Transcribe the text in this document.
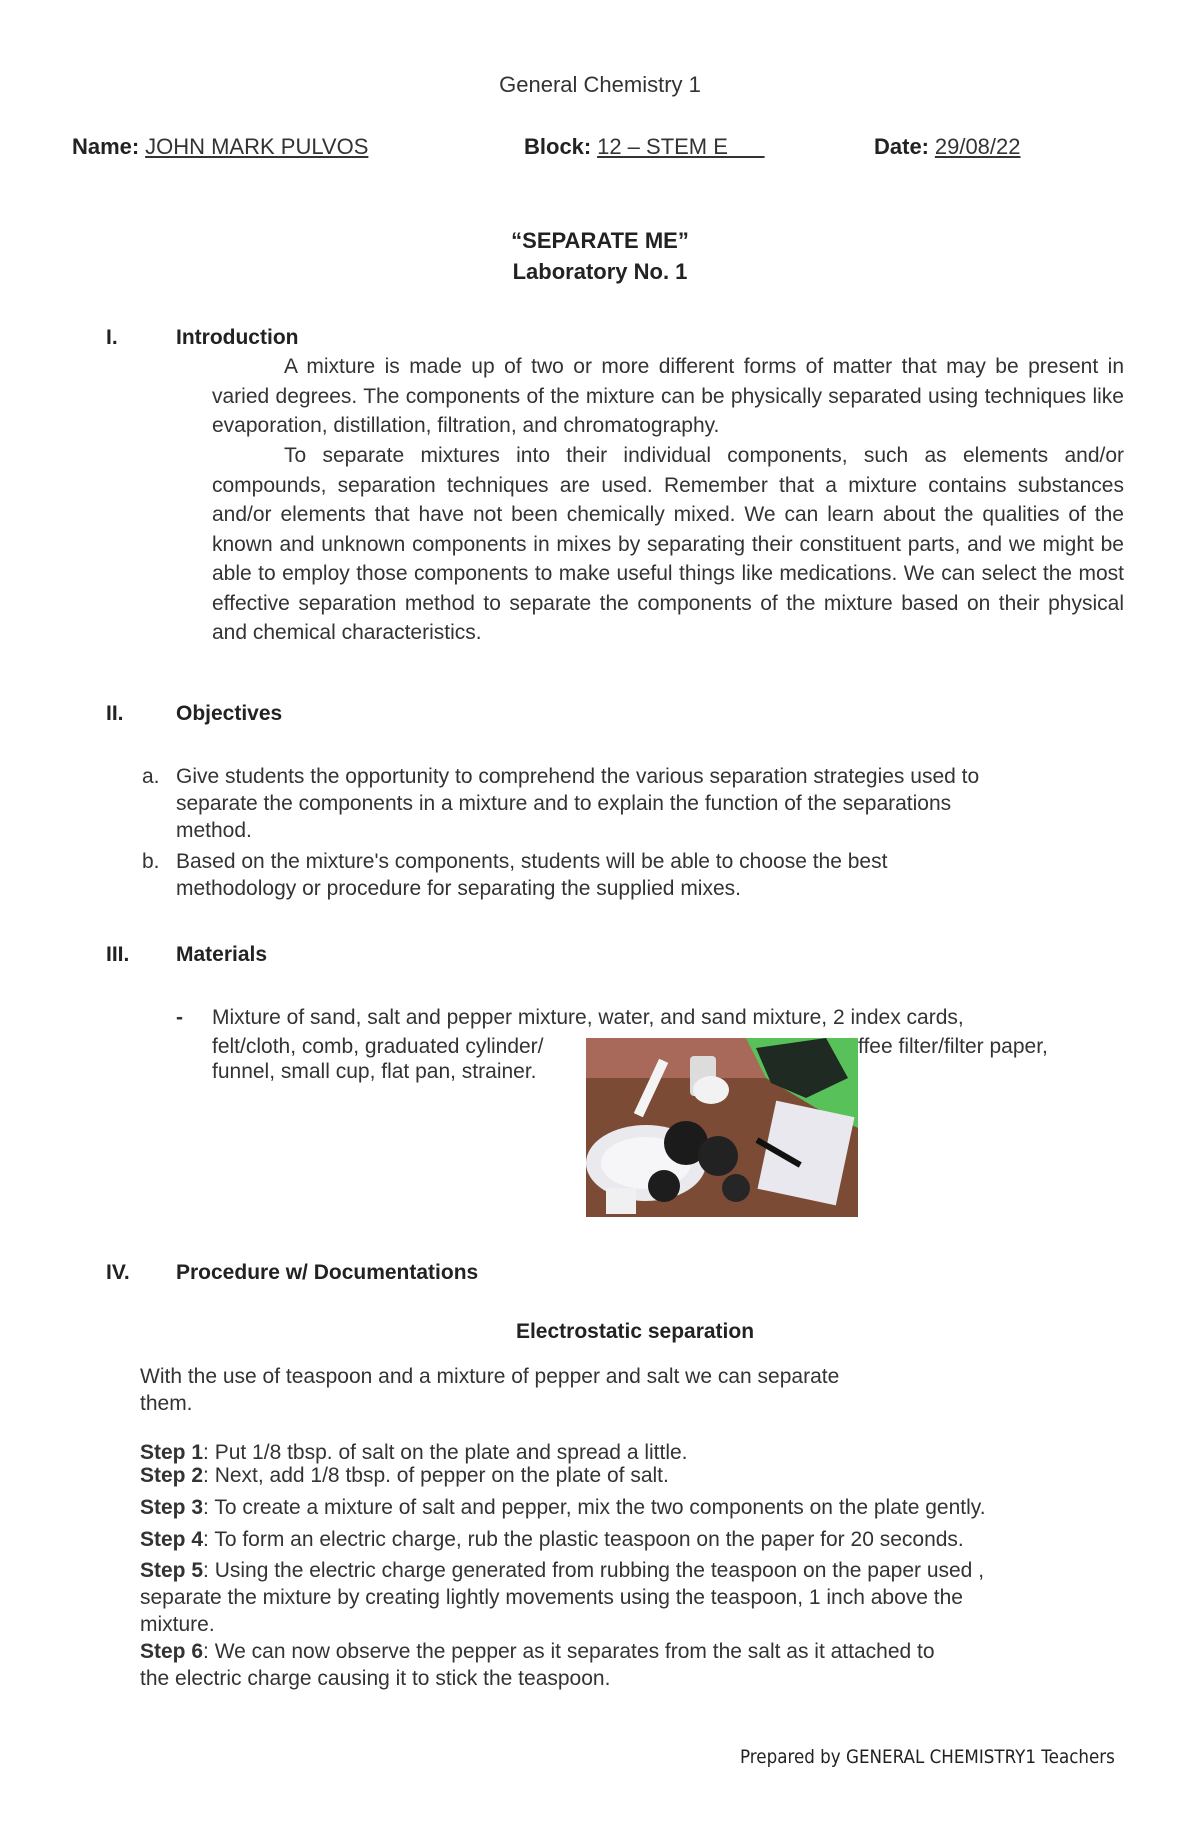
General Chemistry 1
Name: JOHN MARK PULVOS	Block: 12 – STEM E	Date: 29/08/22
“SEPARATE ME”
Laboratory No. 1
I.	Introduction
A mixture is made up of two or more different forms of matter that may be present in varied degrees. The components of the mixture can be physically separated using techniques like evaporation, distillation, filtration, and chromatography.
To separate mixtures into their individual components, such as elements and/or compounds, separation techniques are used. Remember that a mixture contains substances and/or elements that have not been chemically mixed. We can learn about the qualities of the known and unknown components in mixes by separating their constituent parts, and we might be able to employ those components to make useful things like medications. We can select the most effective separation method to separate the components of the mixture based on their physical and chemical characteristics.
II. Objectives
a. Give students the opportunity to comprehend the various separation strategies used to
separate the components in a mixture and to explain the function of the separations
method.
b. Based on the mixture's components, students will be able to choose the best
methodology or procedure for separating the supplied mixes.
III. Materials
- Mixture of sand, salt and pepper mixture, water, and sand mixture, 2 index cards,
felt/cloth, comb, graduated cylinder/	ffee filter/filter paper,
funnel, small cup, flat pan, strainer.
IV. Procedure w/ Documentations
Electrostatic separation
With the use of teaspoon and a mixture of pepper and salt we can separate
them.
Step 1: Put 1/8 tbsp. of salt on the plate and spread a little.
Step 2: Next, add 1/8 tbsp. of pepper on the plate of salt.
Step 3: To create a mixture of salt and pepper, mix the two components on the plate gently.
Step 4: To form an electric charge, rub the plastic teaspoon on the paper for 20 seconds.
Step 5: Using the electric charge generated from rubbing the teaspoon on the paper used ,
separate the mixture by creating lightly movements using the teaspoon, 1 inch above the
mixture.
Step 6: We can now observe the pepper as it separates from the salt as it attached to
the electric charge causing it to stick the teaspoon.
Prepared by GENERAL CHEMISTRY1 Teachers
